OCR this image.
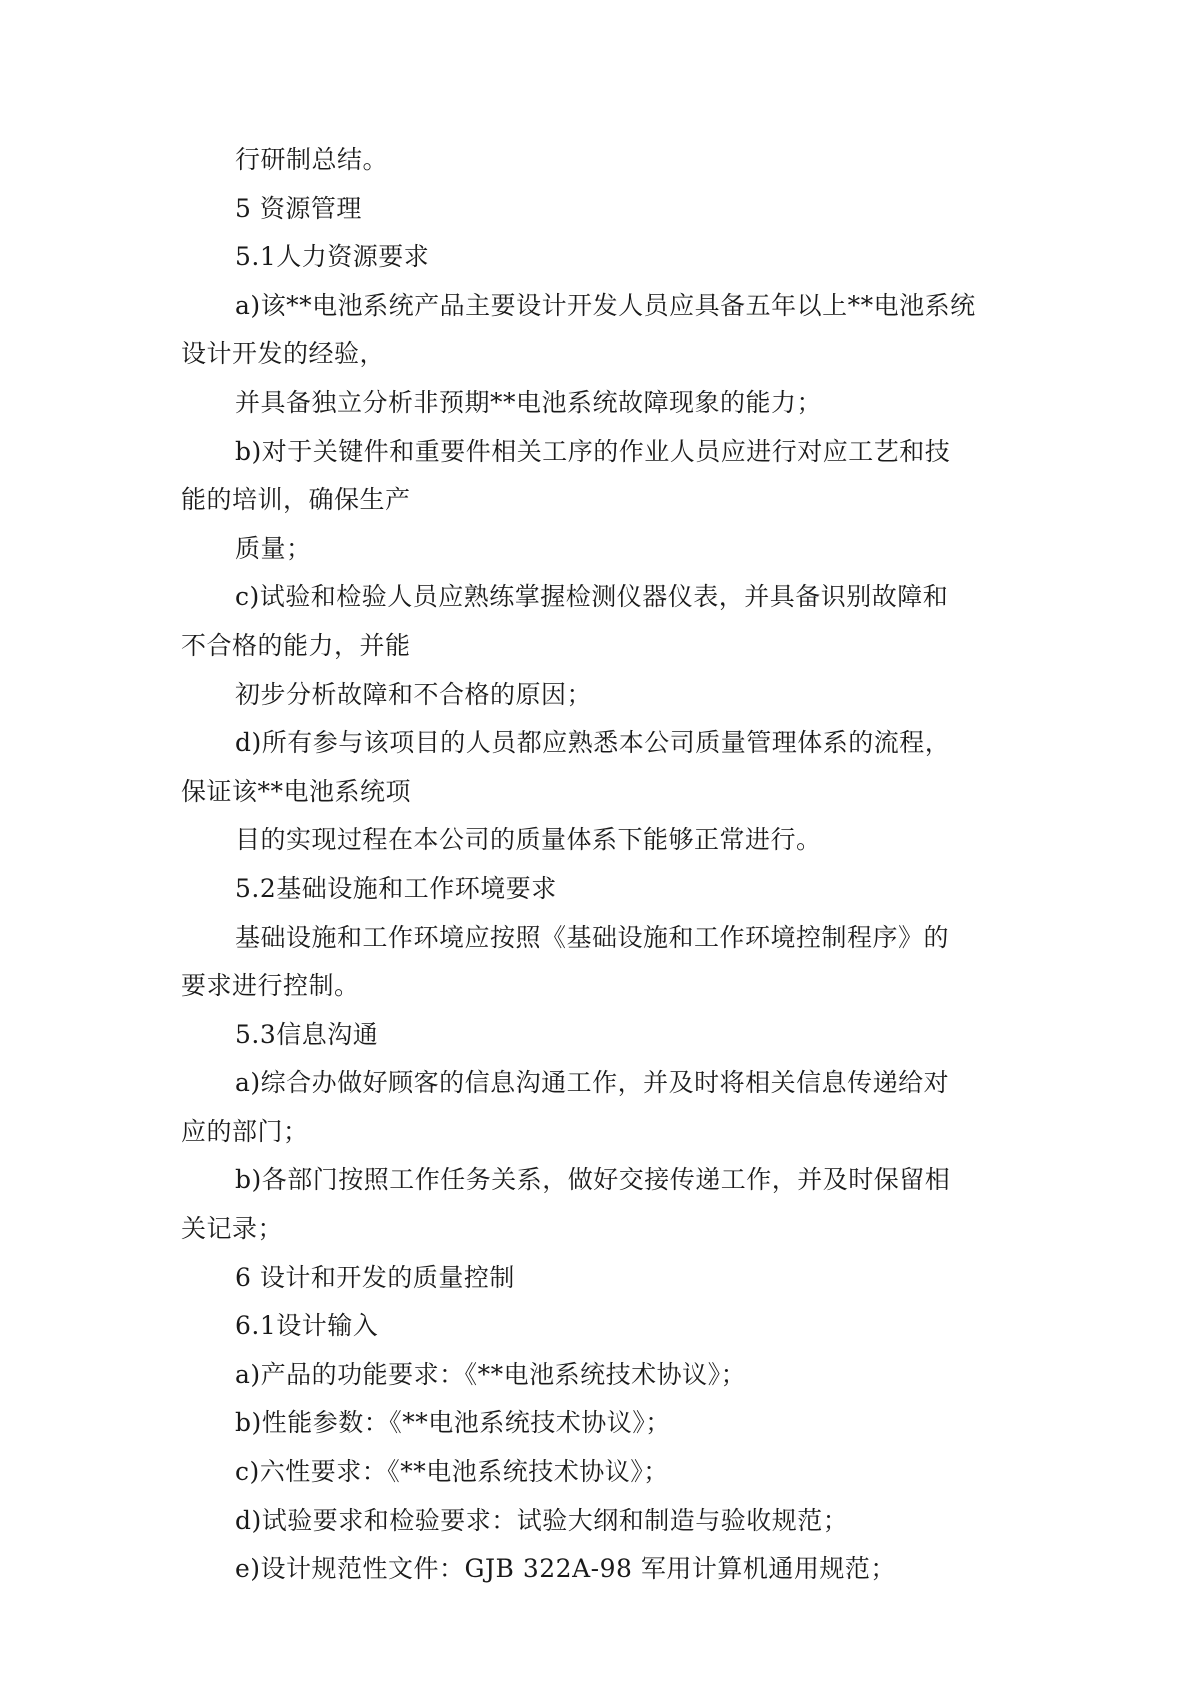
行研制总结。
5 资源管理
5.1人力资源要求
a)该**电池系统产品主要设计开发人员应具备五年以上**电池系统
设计开发的经验，
并具备独立分析非预期**电池系统故障现象的能力；
b)对于关键件和重要件相关工序的作业人员应进行对应工艺和技
能的培训，确保生产
质量；
c)试验和检验人员应熟练掌握检测仪器仪表，并具备识别故障和
不合格的能力，并能
初步分析故障和不合格的原因；
d)所有参与该项目的人员都应熟悉本公司质量管理体系的流程，
保证该**电池系统项
目的实现过程在本公司的质量体系下能够正常进行。
5.2基础设施和工作环境要求
基础设施和工作环境应按照《基础设施和工作环境控制程序》的
要求进行控制。
5.3信息沟通
a)综合办做好顾客的信息沟通工作，并及时将相关信息传递给对
应的部门；
b)各部门按照工作任务关系，做好交接传递工作，并及时保留相
关记录；
6 设计和开发的质量控制
6.1设计输入
a)产品的功能要求：《**电池系统技术协议》；
b)性能参数：《**电池系统技术协议》；
c)六性要求：《**电池系统技术协议》；
d)试验要求和检验要求：试验大纲和制造与验收规范；
e)设计规范性文件：GJB 322A-98 军用计算机通用规范；
